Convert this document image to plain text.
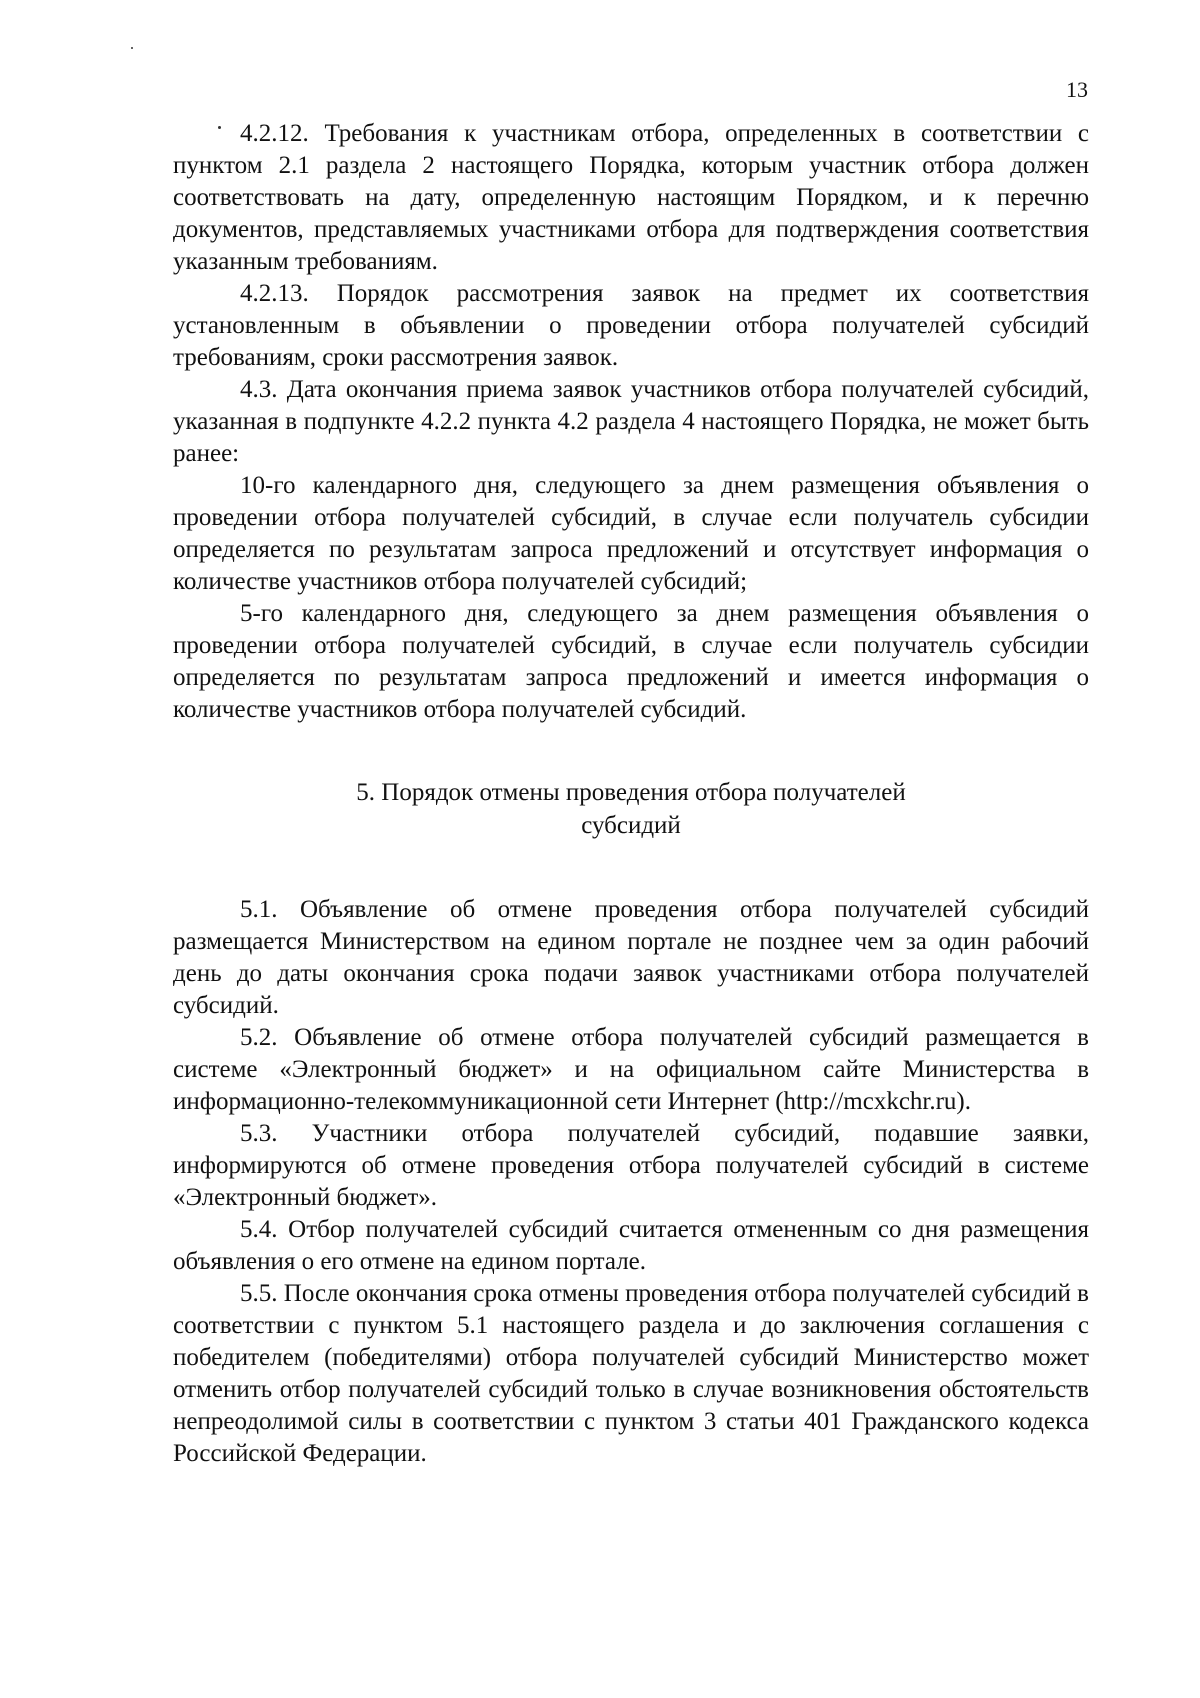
13

4.2.12. Требования к участникам отбора, определенных в соответствии с пунктом 2.1 раздела 2 настоящего Порядка, которым участник отбора должен соответствовать на дату, определенную настоящим Порядком, и к перечню документов, представляемых участниками отбора для подтверждения соответствия указанным требованиям.

4.2.13. Порядок рассмотрения заявок на предмет их соответствия установленным в объявлении о проведении отбора получателей субсидий требованиям, сроки рассмотрения заявок.

4.3. Дата окончания приема заявок участников отбора получателей субсидий, указанная в подпункте 4.2.2 пункта 4.2 раздела 4 настоящего Порядка, не может быть ранее:

10-го календарного дня, следующего за днем размещения объявления о проведении отбора получателей субсидий, в случае если получатель субсидии определяется по результатам запроса предложений и отсутствует информация о количестве участников отбора получателей субсидий;

5-го календарного дня, следующего за днем размещения объявления о проведении отбора получателей субсидий, в случае если получатель субсидии определяется по результатам запроса предложений и имеется информация о количестве участников отбора получателей субсидий.

5. Порядок отмены проведения отбора получателей
субсидий

5.1. Объявление об отмене проведения отбора получателей субсидий размещается Министерством на едином портале не позднее чем за один рабочий день до даты окончания срока подачи заявок участниками отбора получателей субсидий.

5.2. Объявление об отмене отбора получателей субсидий размещается в системе «Электронный бюджет» и на официальном сайте Министерства в информационно-телекоммуникационной сети Интернет (http://mcxkchr.ru).

5.3. Участники отбора получателей субсидий, подавшие заявки, информируются об отмене проведения отбора получателей субсидий в системе «Электронный бюджет».

5.4. Отбор получателей субсидий считается отмененным со дня размещения объявления о его отмене на едином портале.

5.5. После окончания срока отмены проведения отбора получателей субсидий в соответствии с пунктом 5.1 настоящего раздела и до заключения соглашения с победителем (победителями) отбора получателей субсидий Министерство может отменить отбор получателей субсидий только в случае возникновения обстоятельств непреодолимой силы в соответствии с пунктом 3 статьи 401 Гражданского кодекса Российской Федерации.
